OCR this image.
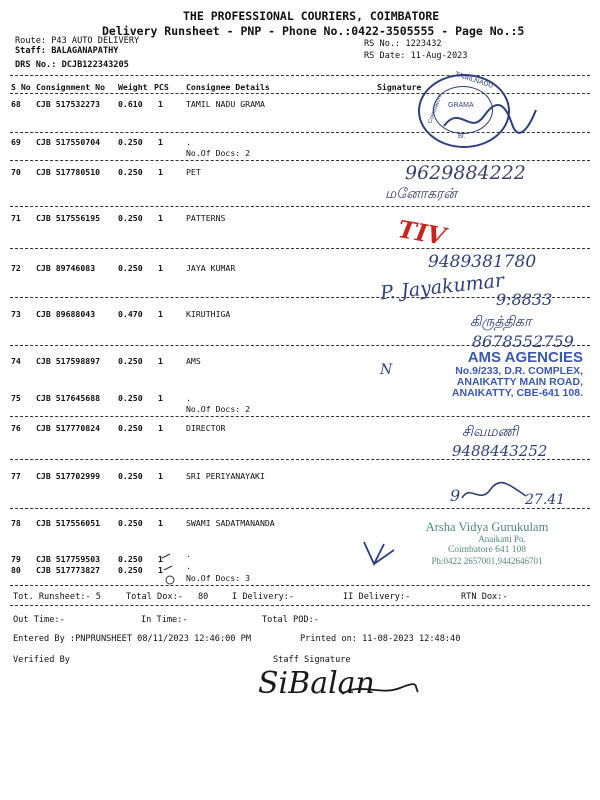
THE PROFESSIONAL COURIERS, COIMBATORE
Delivery Runsheet - PNP - Phone No.:0422-3505555 - Page No.:5
Route: P43 AUTO DELIVERY
Staff: BALAGANAPATHY
DRS No.: DCJB122343205
RS No.: 1223432
RS Date: 11-Aug-2023
S No Consignment No Weight PCS Consignee Details	Signature
68 CJB 517532273 0.610 1	TAMIL NADU GRAMA
69 CJB 517550704 0.250 1	.
No.Of Docs: 2
70 CJB 517780510 0.250 1	PET
71 CJB 517556195 0.250 1	PATTERNS
72 CJB 89746083	0.250 1	JAYA KUMAR
73 CJB 89688043	0.470 1	KIRUTHIGA
74 CJB 517598897 0.250 1	AMS
75 CJB 517645688 0.250 1	.
No.Of Docs: 2
76 CJB 517770824 0.250 1	DIRECTOR
77 CJB 517702999 0.250 1	SRI PERIYANAYAKI
78 CJB 517556051 0.250 1	SWAMI SADATMANANDA
79 CJB 517759503 0.250 1	.
80 CJB 517773827 0.250 1	.
No.Of Docs: 3
Tot. Runsheet:- 5	Total Dox:- 80	I Delivery:-	II Delivery:-	RTN Dox:-
Out Time:-	In Time:-	Total POD:-
Entered By :PNPRUNSHEET 08/11/2023 12:46:00 PM	Printed on: 11-08-2023 12:48:40
Verified By	Staff Signature
TAMILNADU
GRAMA
Coimbatore
Br.
9629884222
மனோகரன்
TIV
9489381780
P. Jayakumar
9:8833
கிருத்திகா
8678552759
AMS AGENCIES
No.9/233, D.R. COMPLEX,
ANAIKATTY MAIN ROAD,
ANAIKATTY, CBE-641 108.
N
சிவமணி
9488443252
9	27.41
Arsha Vidya Gurukulam
Anaikatti Po.
Coimbatore 641 108
Ph:0422 2657001,9442646701
SiBalan
